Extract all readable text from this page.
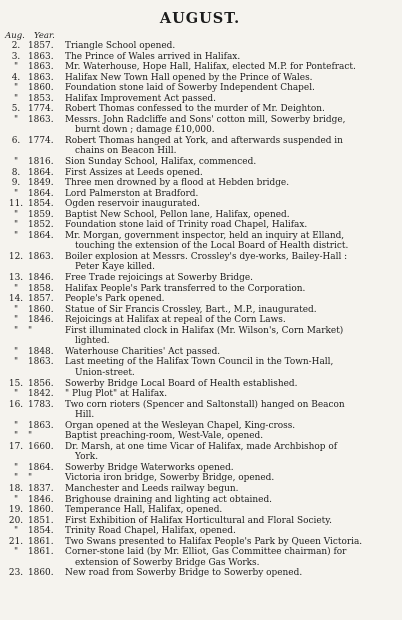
AUGUST.
Aug.	Year.
2. 1857.	Triangle School opened.
3. 1863.	The Prince of Wales arrived in Halifax.
"	1863.	Mr. Waterhouse, Hope Hall, Halifax, elected M.P. for Pontefract.
4. 1863.	Halifax New Town Hall opened by the Prince of Wales.
"	1860.	Foundation stone laid of Sowerby Independent Chapel.
"	1853.	Halifax Improvement Act passed.
5. 1774.	Robert Thomas confessed to the murder of Mr. Deighton.
"	1863.	Messrs. John Radcliffe and Sons' cotton mill, Sowerby bridge,
burnt down ; damage £10,000.
6. 1774.	Robert Thomas hanged at York, and afterwards suspended in
chains on Beacon Hill.
"	1816.	Sion Sunday School, Halifax, commenced.
8. 1864.	First Assizes at Leeds opened.
9. 1849.	Three men drowned by a flood at Hebden bridge.
"	1864.	Lord Palmerston at Bradford.
11. 1854.	Ogden reservoir inaugurated.
"	1859.	Baptist New School, Pellon lane, Halifax, opened.
"	1852.	Foundation stone laid of Trinity road Chapel, Halifax.
"	1864.	Mr. Morgan, government inspector, held an inquiry at Elland,
touching the extension of the Local Board of Health district.
12. 1863.	Boiler explosion at Messrs. Crossley's dye-works, Bailey-Hall :
Peter Kaye killed.
13. 1846.	Free Trade rejoicings at Sowerby Bridge.
"	1858.	Halifax People's Park transferred to the Corporation.
14. 1857.	People's Park opened.
"	1860.	Statue of Sir Francis Crossley, Bart., M.P., inaugurated.
"	1846.	Rejoicings at Halifax at repeal of the Corn Laws.
"	"	First illuminated clock in Halifax (Mr. Wilson's, Corn Market)
lighted.
"	1848.	Waterhouse Charities' Act passed.
"	1863.	Last meeting of the Halifax Town Council in the Town-Hall,
Union-street.
15. 1856.	Sowerby Bridge Local Board of Health established.
"	1842.	" Plug Plot" at Halifax.
16. 1783.	Two corn rioters (Spencer and Saltonstall) hanged on Beacon
Hill.
"	1863.	Organ opened at the Wesleyan Chapel, King-cross.
"	"	Baptist preaching-room, West-Vale, opened.
17. 1660.	Dr. Marsh, at one time Vicar of Halifax, made Archbishop of
York.
"	1864.	Sowerby Bridge Waterworks opened.
"	"	Victoria iron bridge, Sowerby Bridge, opened.
18. 1837.	Manchester and Leeds railway begun.
"	1846.	Brighouse draining and lighting act obtained.
19. 1860.	Temperance Hall, Halifax, opened.
20. 1851.	First Exhibition of Halifax Horticultural and Floral Society.
"	1854.	Trinity Road Chapel, Halifax, opened.
21. 1861.	Two Swans presented to Halifax People's Park by Queen Victoria.
"	1861.	Corner-stone laid (by Mr. Elliot, Gas Committee chairman) for
extension of Sowerby Bridge Gas Works.
23. 1860.	New road from Sowerby Bridge to Sowerby opened.
